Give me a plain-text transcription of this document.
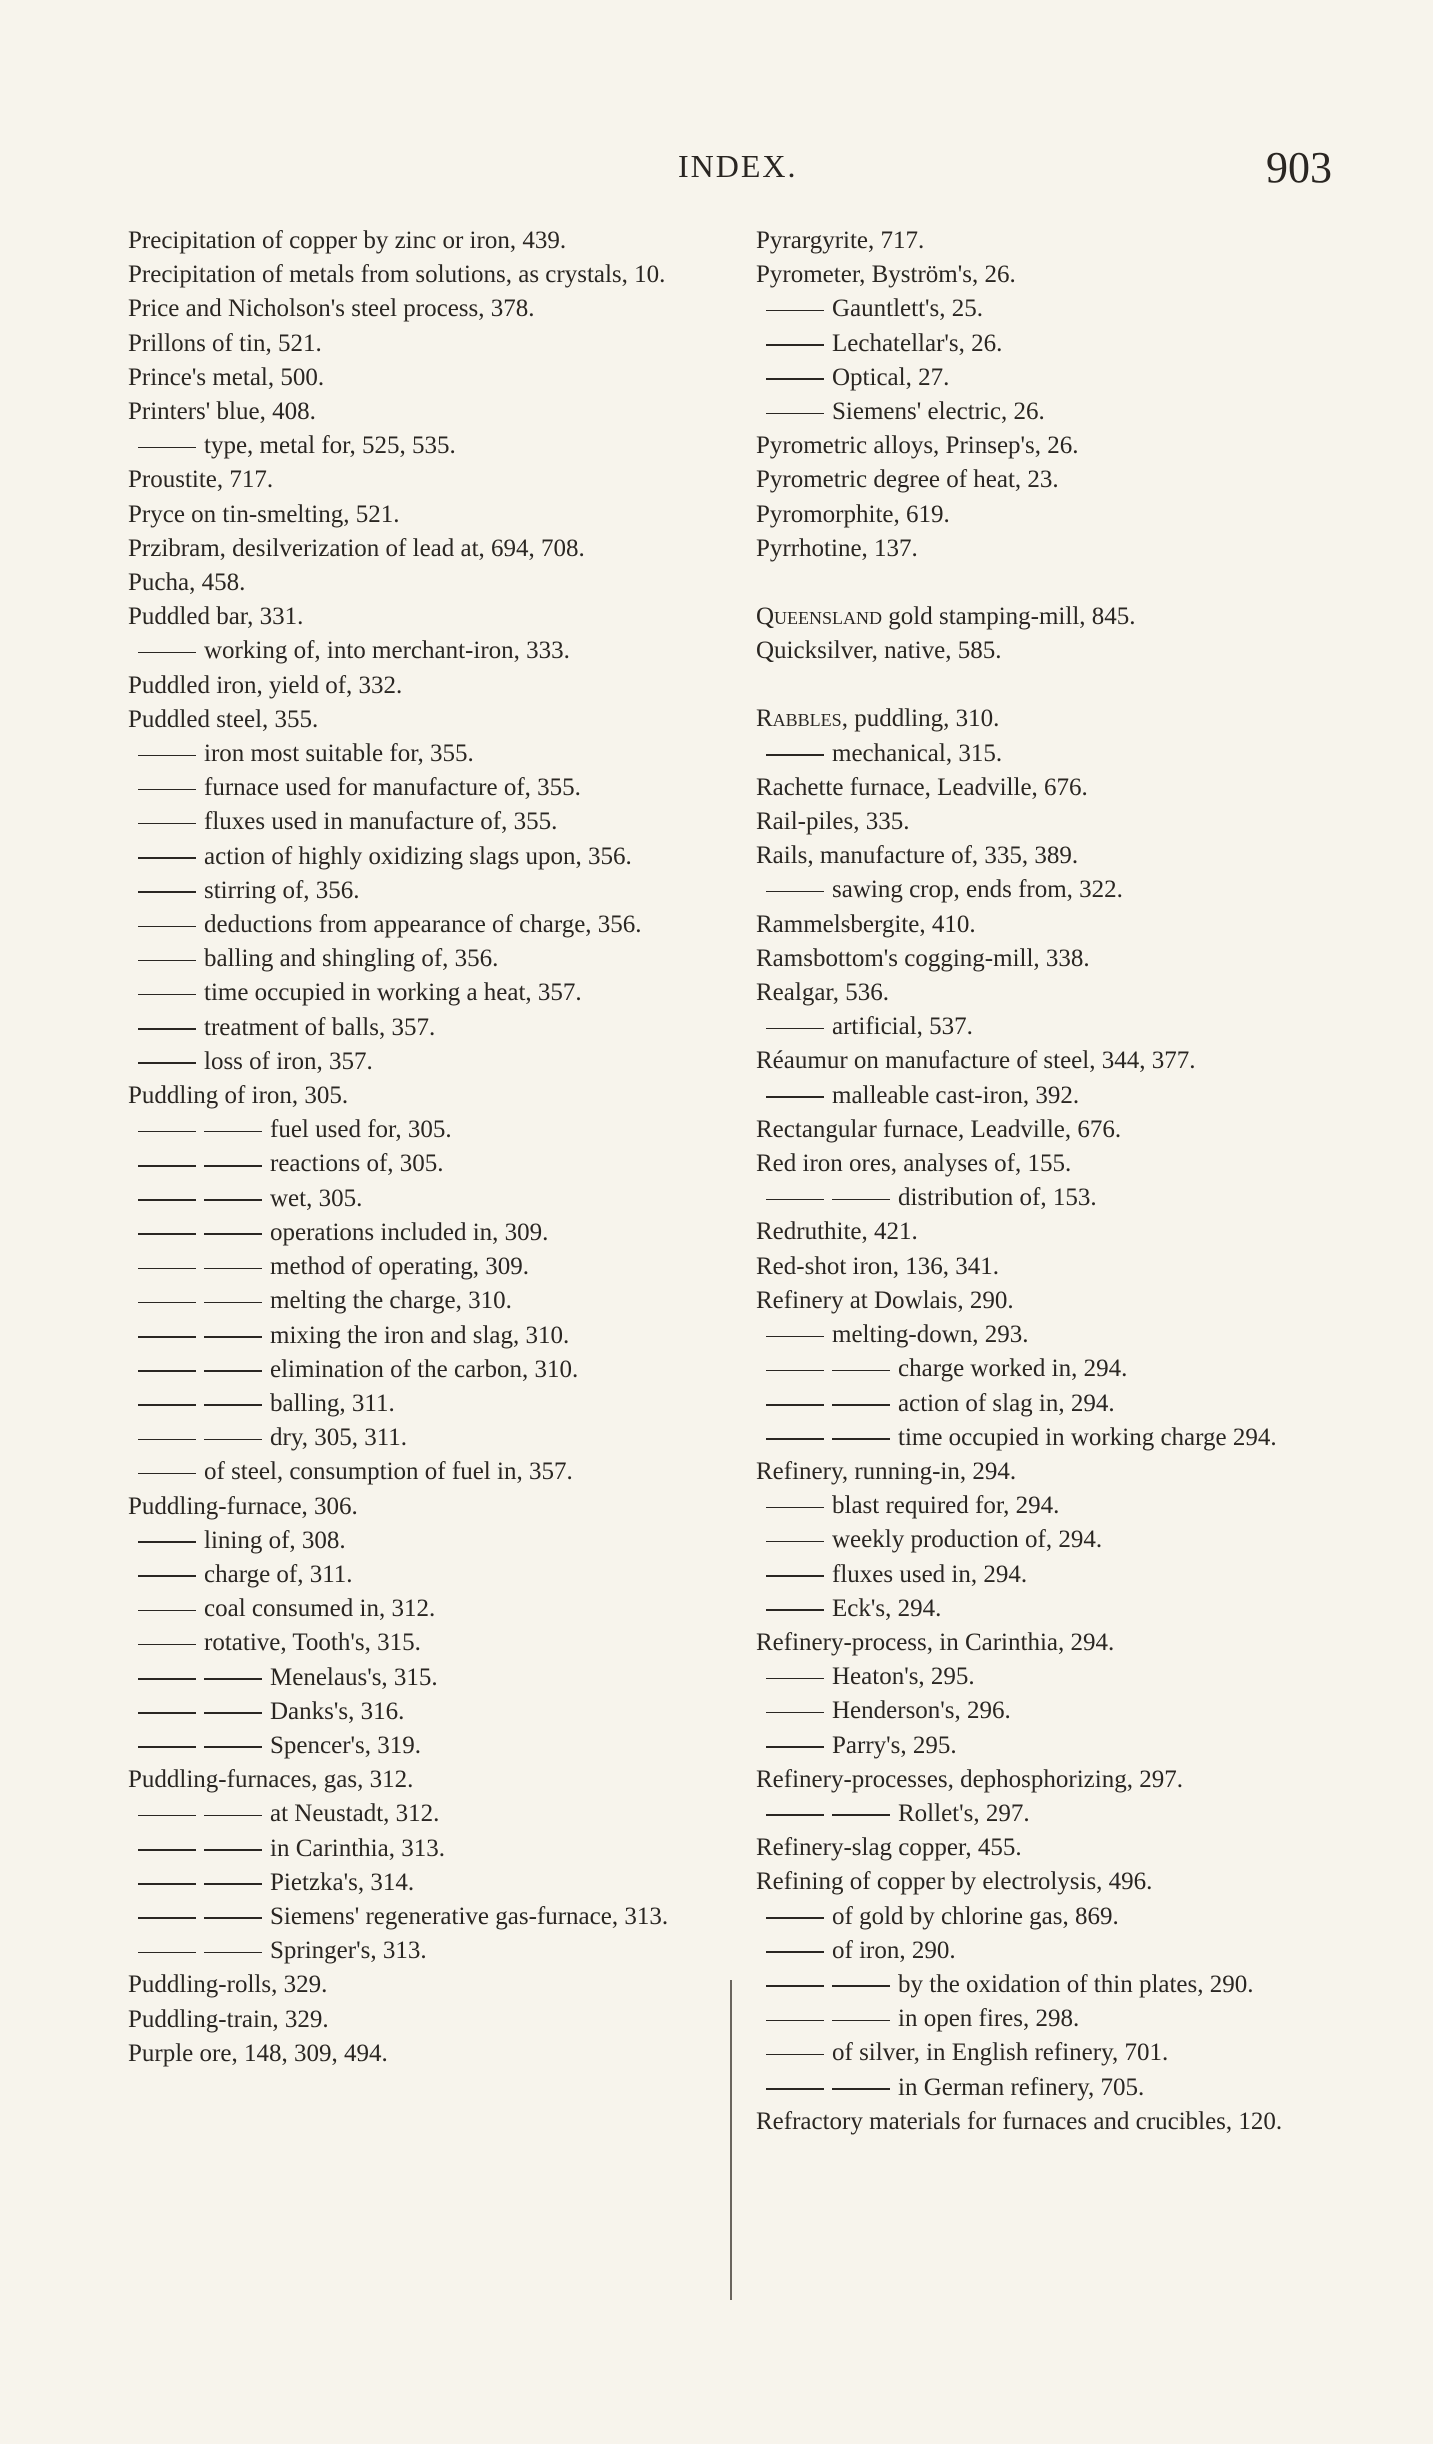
INDEX.	903
Precipitation of copper by zinc or iron, 439.
Precipitation of metals from solutions, as crystals, 10.
Price and Nicholson's steel process, 378.
Prillons of tin, 521.
Prince's metal, 500.
Printers' blue, 408.
type, metal for, 525, 535.
Proustite, 717.
Pryce on tin-smelting, 521.
Przibram, desilverization of lead at, 694, 708.
Pucha, 458.
Puddled bar, 331.
working of, into merchant-iron, 333.
Puddled iron, yield of, 332.
Puddled steel, 355.
iron most suitable for, 355.
furnace used for manufacture of, 355.
fluxes used in manufacture of, 355.
action of highly oxidizing slags upon, 356.
stirring of, 356.
deductions from appearance of charge, 356.
balling and shingling of, 356.
time occupied in working a heat, 357.
treatment of balls, 357.
loss of iron, 357.
Puddling of iron, 305.
fuel used for, 305.
reactions of, 305.
wet, 305.
operations included in, 309.
method of operating, 309.
melting the charge, 310.
mixing the iron and slag, 310.
elimination of the carbon, 310.
balling, 311.
dry, 305, 311.
of steel, consumption of fuel in, 357.
Puddling-furnace, 306.
lining of, 308.
charge of, 311.
coal consumed in, 312.
rotative, Tooth's, 315.
Menelaus's, 315.
Danks's, 316.
Spencer's, 319.
Puddling-furnaces, gas, 312.
at Neustadt, 312.
in Carinthia, 313.
Pietzka's, 314.
Siemens' regenerative gas-furnace, 313.
Springer's, 313.
Puddling-rolls, 329.
Puddling-train, 329.
Purple ore, 148, 309, 494.
Pyrargyrite, 717.
Pyrometer, Byström's, 26.
Gauntlett's, 25.
Lechatellar's, 26.
Optical, 27.
Siemens' electric, 26.
Pyrometric alloys, Prinsep's, 26.
Pyrometric degree of heat, 23.
Pyromorphite, 619.
Pyrrhotine, 137.
Queensland gold stamping-mill, 845.
Quicksilver, native, 585.
Rabbles, puddling, 310.
mechanical, 315.
Rachette furnace, Leadville, 676.
Rail-piles, 335.
Rails, manufacture of, 335, 389.
sawing crop, ends from, 322.
Rammelsbergite, 410.
Ramsbottom's cogging-mill, 338.
Realgar, 536.
artificial, 537.
Réaumur on manufacture of steel, 344, 377.
malleable cast-iron, 392.
Rectangular furnace, Leadville, 676.
Red iron ores, analyses of, 155.
distribution of, 153.
Redruthite, 421.
Red-shot iron, 136, 341.
Refinery at Dowlais, 290.
melting-down, 293.
charge worked in, 294.
action of slag in, 294.
time occupied in working charge 294.
Refinery, running-in, 294.
blast required for, 294.
weekly production of, 294.
fluxes used in, 294.
Eck's, 294.
Refinery-process, in Carinthia, 294.
Heaton's, 295.
Henderson's, 296.
Parry's, 295.
Refinery-processes, dephosphorizing, 297.
Rollet's, 297.
Refinery-slag copper, 455.
Refining of copper by electrolysis, 496.
of gold by chlorine gas, 869.
of iron, 290.
by the oxidation of thin plates, 290.
in open fires, 298.
of silver, in English refinery, 701.
in German refinery, 705.
Refractory materials for furnaces and crucibles, 120.
